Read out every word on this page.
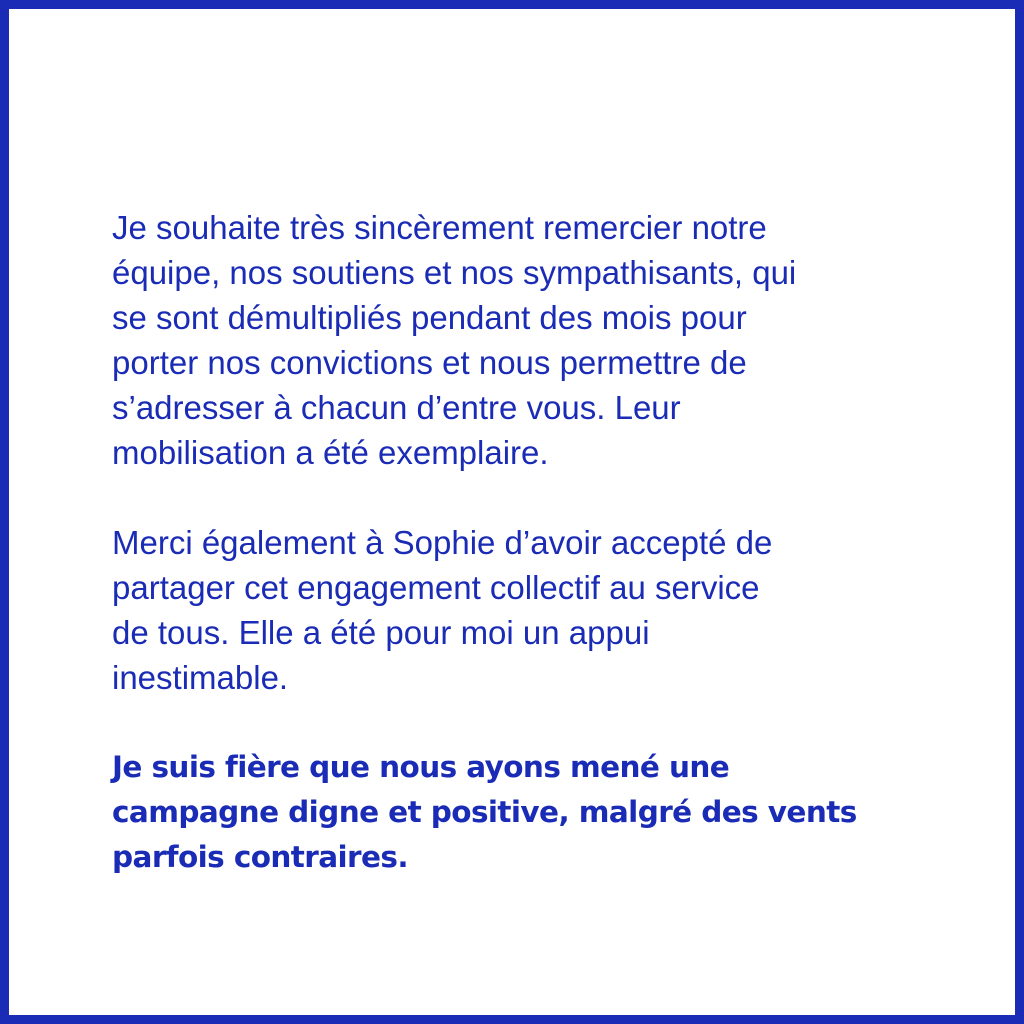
Je souhaite très sincèrement remercier notre
équipe, nos soutiens et nos sympathisants, qui
se sont démultipliés pendant des mois pour
porter nos convictions et nous permettre de
s’adresser à chacun d’entre vous. Leur
mobilisation a été exemplaire.

Merci également à Sophie d’avoir accepté de
partager cet engagement collectif au service
de tous. Elle a été pour moi un appui
inestimable.

Je suis fière que nous ayons mené une
campagne digne et positive, malgré des vents
parfois contraires.
